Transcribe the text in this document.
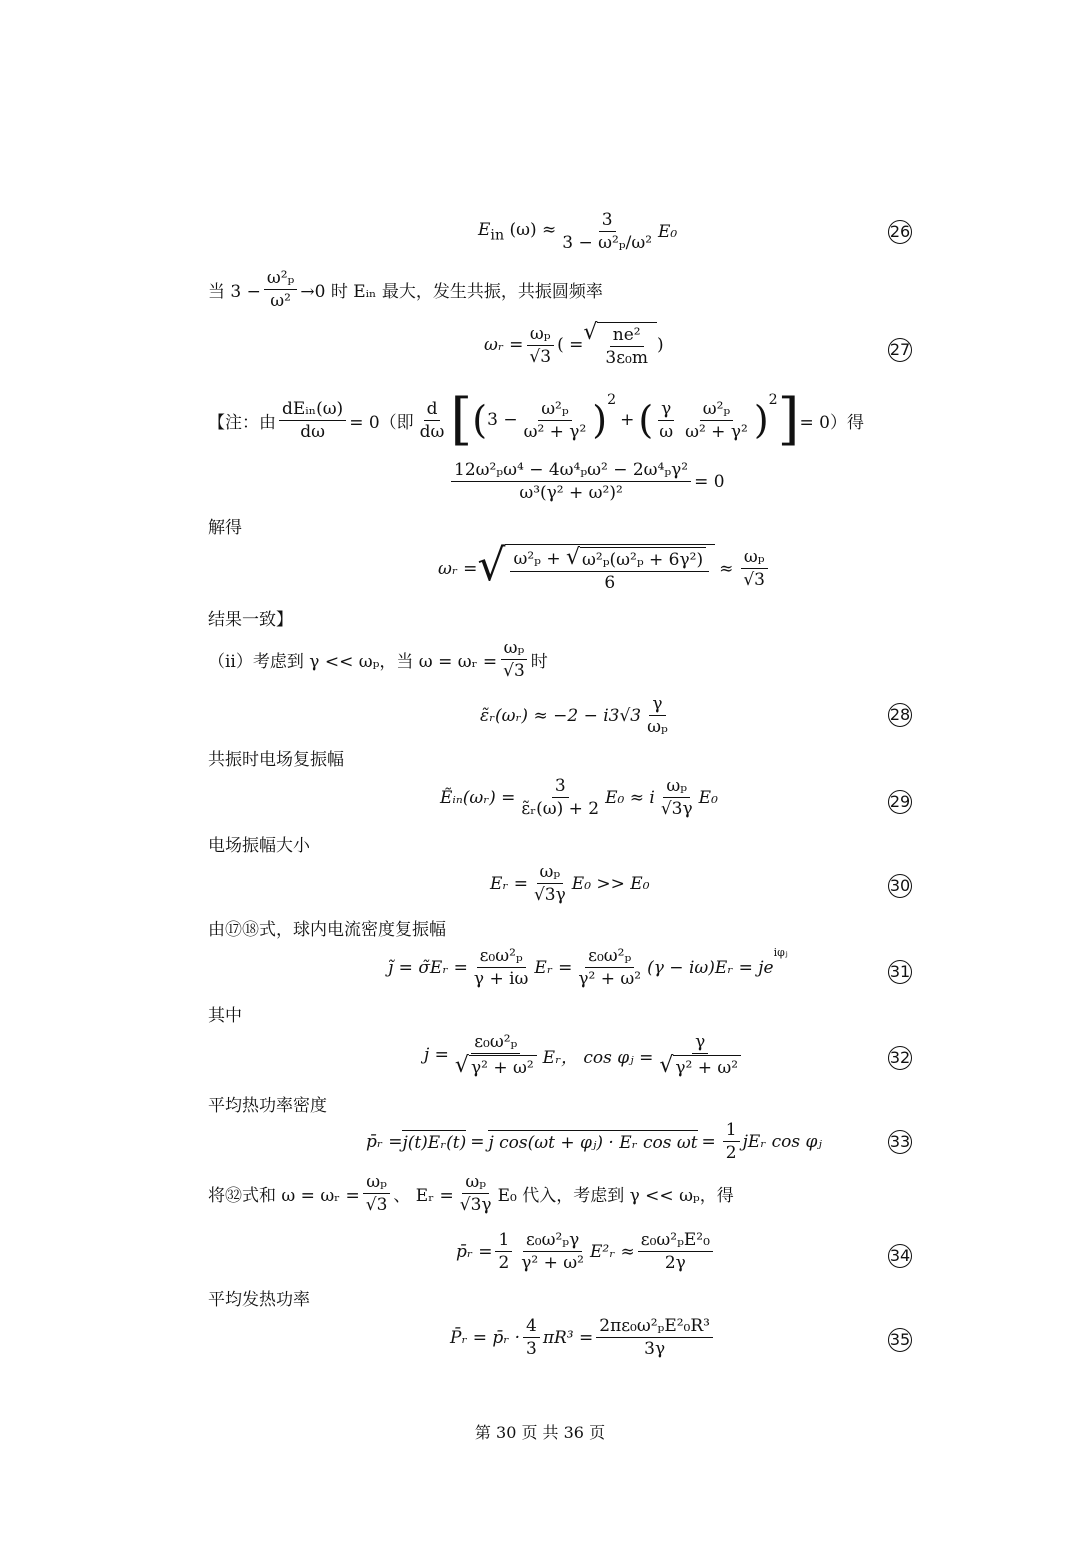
$E_{in}$ $(\omega) \approx \frac{3}{\text{3 − ω²ₚ/ω²}} E_0$	26
当 $3 - \frac{\text{ω²ₚ}}{\text{ω²}} \to 0$ 时 Eᵢₙ 最大，发生共振，共振圆频率
ωᵣ = $\frac{\text{ωₚ}}{√3}$ ( = √ $\frac{\text{ne²}}{\text{3ε₀m}}$ )	27
【注：由 $\frac{\text{dEᵢₙ(ω)}}{d\omega} = 0$（即 $\frac{d}{d\omega}$ [ ( $3 - \frac{\text{ω²ₚ}}{\text{ω² + γ²}} )^2$
+ ( $\frac{\gamma}{\omega} \frac{\text{ω²ₚ}}{\text{ω² + γ²}} )^2$ ] = 0）得
$\frac{\text{12ω²ₚω⁴ − 4ω⁴ₚω² − 2ω⁴ₚγ²}}{\text{ω³(γ² + ω²)²}} = 0$
解得
ωᵣ = √ $\frac{\text{ω²ₚ + √ ω²ₚ(ω²ₚ + 6γ²)}}{6} \approx \frac{\text{ωₚ}}{√3}$
结果一致】
（ii）考虑到 γ << ωₚ，当 ω = ωᵣ = $\frac{\text{ωₚ}}{√3}$ 时
ε̃ᵣ(ωᵣ) ≈ $-2 - i3√3 \frac{\gamma}{\text{ωₚ}}$	28
共振时电场复振幅
Ẽᵢₙ(ωᵣ) = $\frac{3}{\text{ε̃ᵣ(ω) + 2}} E_0 \approx i \frac{\text{ωₚ}}{√3\gamma} E_0$	29
电场振幅大小
Eᵣ = $\frac{\text{ωₚ}}{√3\gamma} E_0 >> E_0$	30
由⑰⑱式，球内电流密度复振幅
j̃ = σ̃Eᵣ = $\frac{\text{ε₀ω²ₚ}}{\gamma + i\omega}$ Eᵣ = $\frac{\text{ε₀ω²ₚ}}{\text{γ² + ω²}} (\gamma$ − iω)Eᵣ = je
$^{i\varphi ⱼ}$
31
其中
$j = \frac{\text{ε₀ω²ₚ}}{\text{√ γ² + ω²}}$ Eᵣ， cos φⱼ = $\frac{\gamma}{\text{√ γ² + ω²}}$	32
平均热功率密度
p̄ᵣ = j(t)Eᵣ(t) = j cos(ωt + φⱼ) · Eᵣ $\cos \omega t = \frac{1}{2}$ jEᵣ cos φⱼ	33
将㉜式和 ω = ωᵣ = $\frac{\text{ωₚ}}{√3}$ 、 Eᵣ = $\frac{\text{ωₚ}}{√3\gamma} E_0$ 代入，考虑到 γ << ωₚ，得
p̄ᵣ = $\frac{1}{2} \frac{\text{ε₀ω²ₚγ}}{\text{γ² + ω²}}$ E²ᵣ ≈ $\frac{\text{ε₀ω²ₚE²₀}}{2\gamma}$	34
平均发热功率
P̄ᵣ = p̄ᵣ · $\frac{4}{3} \pi R^3 = \frac{\text{2πε₀ω²ₚE²₀R³}}{3\gamma}$	35
第 30 页 共 36 页
